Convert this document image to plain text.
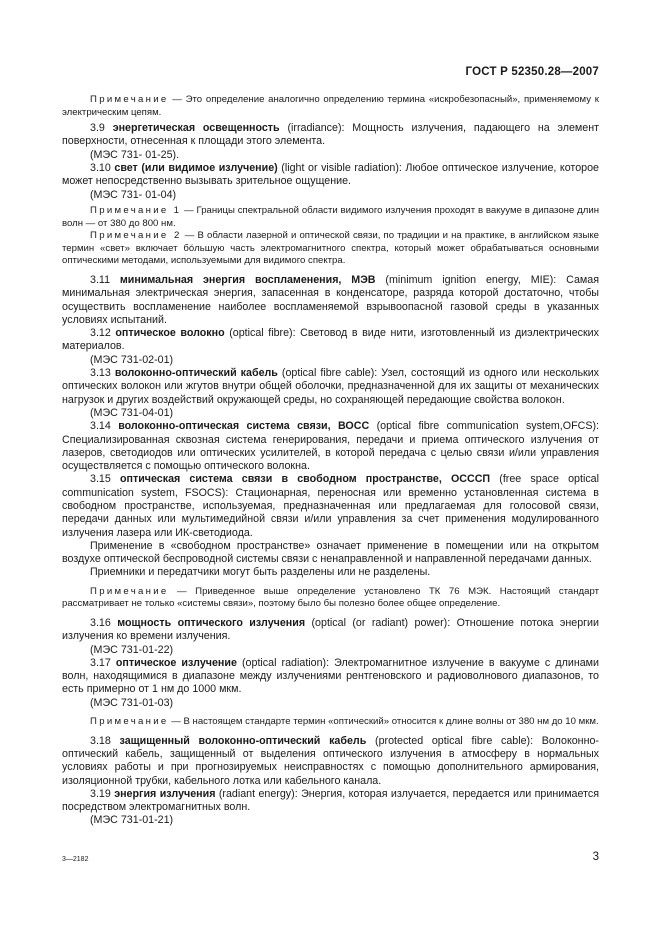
ГОСТ Р 52350.28—2007

Примечание — Это определение аналогично определению термина «искробезопасный», применяемому к электрическим цепям.

3.9 энергетическая освещенность (irradiance): Мощность излучения, падающего на элемент поверхности, отнесенная к площади этого элемента.

(МЭС 731- 01-25).

3.10 свет (или видимое излучение) (light or visible radiation): Любое оптическое излучение, которое может непосредственно вызывать зрительное ощущение.

(МЭС 731- 01-04)

Примечание 1 — Границы спектральной области видимого излучения проходят в вакууме в дипазоне длин волн — от 380 до 800 нм.

Примечание 2 — В области лазерной и оптической связи, по традиции и на практике, в английском языке термин «свет» включает бóльшую часть электромагнитного спектра, который может обрабатываться основными оптическими методами, используемыми для видимого спектра.

3.11 минимальная энергия воспламенения, МЭВ (minimum ignition energy, MIE): Самая минимальная электрическая энергия, запасенная в конденсаторе, разряда которой достаточно, чтобы осуществить воспламенение наиболее воспламеняемой взрывоопасной газовой среды в указанных условиях испытаний.

3.12 оптическое волокно (optical fibre): Световод в виде нити, изготовленный из диэлектрических материалов.

(МЭС 731-02-01)

3.13 волоконно-оптический кабель (optical fibre cable): Узел, состоящий из одного или нескольких оптических волокон или жгутов внутри общей оболочки, предназначенной для их защиты от механических нагрузок и других воздействий окружающей среды, но сохраняющей передающие свойства волокон.

(МЭС 731-04-01)

3.14 волоконно-оптическая система связи, ВОСС (optical fibre communication system,OFCS): Специализированная сквозная система генерирования, передачи и приема оптического излучения от лазеров, светодиодов или оптических усилителей, в которой передача с целью связи и/или управления осуществляется с помощью оптического волокна.

3.15 оптическая система связи в свободном пространстве, ОСССП (free space optical communication system, FSOCS): Стационарная, переносная или временно установленная система в свободном пространстве, используемая, предназначенная или предлагаемая для голосовой связи, передачи данных или мультимедийной связи и/или управления за счет применения модулированного излучения лазера или ИК-светодиода.

Применение в «свободном пространстве» означает применение в помещении или на открытом воздухе оптической беспроводной системы связи с ненаправленной и направленной передачами данных.

Приемники и передатчики могут быть разделены или не разделены.

Примечание — Приведенное выше определение установлено ТК 76 МЭК. Настоящий стандарт рассматривает не только «системы связи», поэтому было бы полезно более общее определение.

3.16 мощность оптического излучения (optical (or radiant) power): Отношение потока энергии излучения ко времени излучения.

(МЭС 731-01-22)

3.17 оптическое излучение (optical radiation): Электромагнитное излучение в вакууме с длинами волн, находящимися в диапазоне между излучениями рентгеновского и радиоволнового диапазонов, то есть примерно от 1 нм до 1000 мкм.

(МЭС 731-01-03)

Примечание — В настоящем стандарте термин «оптический» относится к длине волны от 380 нм до 10 мкм.

3.18 защищенный волоконно-оптический кабель (protected optical fibre cable): Волоконно-оптический кабель, защищенный от выделения оптического излучения в атмосферу в нормальных условиях работы и при прогнозируемых неисправностях с помощью дополнительного армирования, изоляционной трубки, кабельного лотка или кабельного канала.

3.19 энергия излучения (radiant energy): Энергия, которая излучается, передается или принимается посредством электромагнитных волн.

(МЭС 731-01-21)

3—2182	3
